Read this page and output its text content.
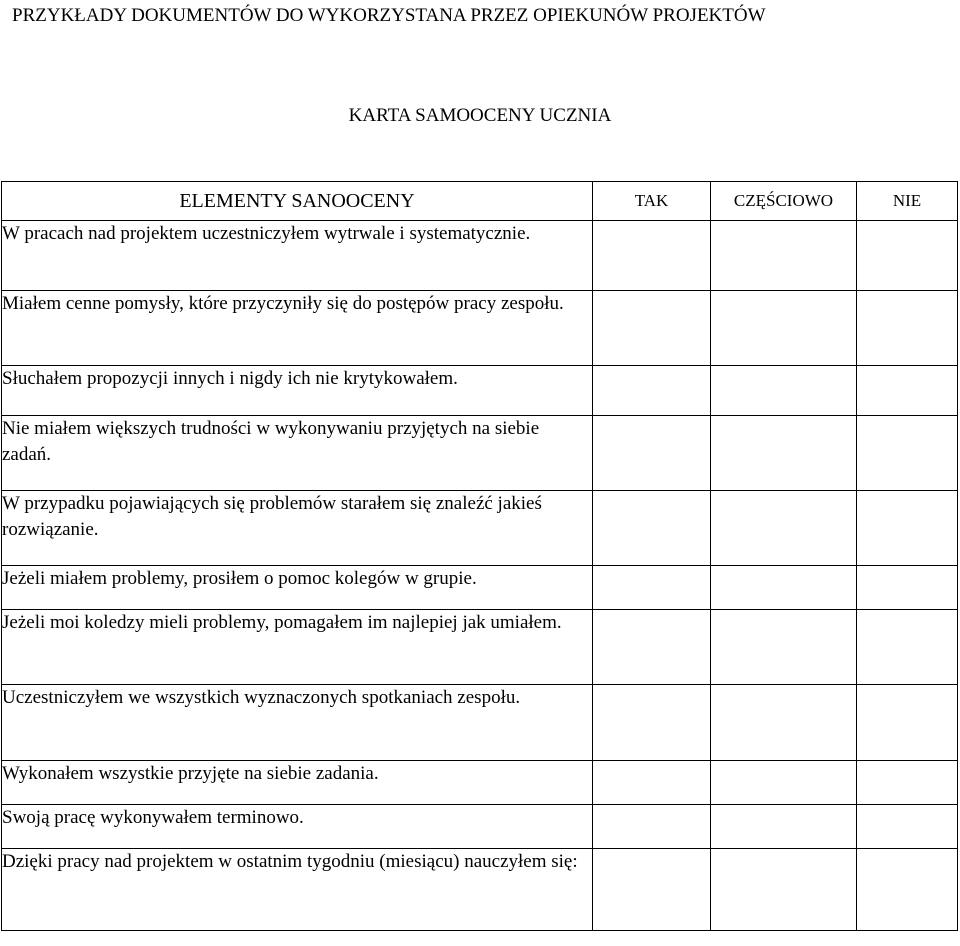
PRZYKŁADY DOKUMENTÓW DO WYKORZYSTANA PRZEZ OPIEKUNÓW PROJEKTÓW
KARTA SAMOOCENY UCZNIA
ELEMENTY SANOOCENY	TAK	CZĘŚCIOWO	NIE
W pracach nad projektem uczestniczyłem wytrwale i systematycznie.			
Miałem cenne pomysły, które przyczyniły się do postępów pracy zespołu.			
Słuchałem propozycji innych i nigdy ich nie krytykowałem.			
Nie miałem większych trudności w wykonywaniu przyjętych na siebie zadań.			
W przypadku pojawiających się problemów starałem się znaleźć jakieś rozwiązanie.			
Jeżeli miałem problemy, prosiłem o pomoc kolegów w grupie.			
Jeżeli moi koledzy mieli problemy, pomagałem im najlepiej jak umiałem.			
Uczestniczyłem we wszystkich wyznaczonych spotkaniach zespołu.			
Wykonałem wszystkie przyjęte na siebie zadania.			
Swoją pracę wykonywałem terminowo.			
Dzięki pracy nad projektem w ostatnim tygodniu (miesiącu) nauczyłem się:			
